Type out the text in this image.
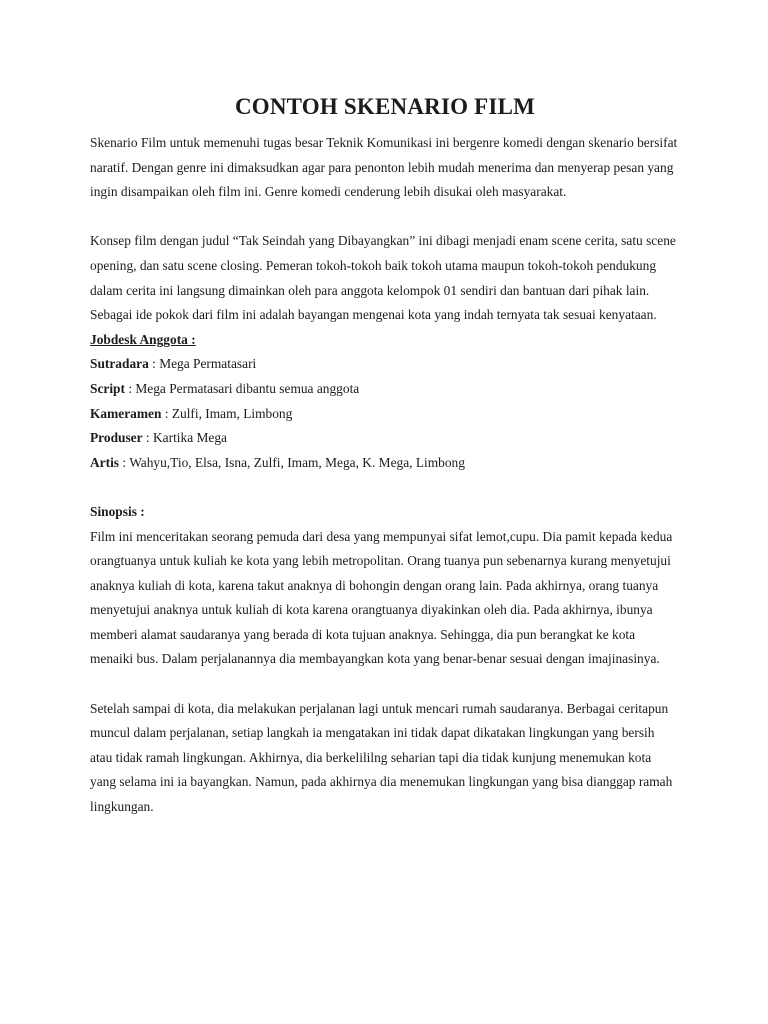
CONTOH SKENARIO FILM

Skenario Film untuk memenuhi tugas besar Teknik Komunikasi ini bergenre komedi dengan skenario bersifat naratif. Dengan genre ini dimaksudkan agar para penonton lebih mudah menerima dan menyerap pesan yang ingin disampaikan oleh film ini. Genre komedi cenderung lebih disukai oleh masyarakat.

Konsep film dengan judul “Tak Seindah yang Dibayangkan” ini dibagi menjadi enam scene cerita, satu scene opening, dan satu scene closing. Pemeran tokoh-tokoh baik tokoh utama maupun tokoh-tokoh pendukung dalam cerita ini langsung dimainkan oleh para anggota kelompok 01 sendiri dan bantuan dari pihak lain. Sebagai ide pokok dari film ini adalah bayangan mengenai kota yang indah ternyata tak sesuai kenyataan.

Jobdesk Anggota :

Sutradara : Mega Permatasari

Script : Mega Permatasari dibantu semua anggota

Kameramen : Zulfi, Imam, Limbong

Produser : Kartika Mega

Artis : Wahyu,Tio, Elsa, Isna, Zulfi, Imam, Mega, K. Mega, Limbong

Sinopsis :

Film ini menceritakan seorang pemuda dari desa yang mempunyai sifat lemot,cupu. Dia pamit kepada kedua orangtuanya untuk kuliah ke kota yang lebih metropolitan. Orang tuanya pun sebenarnya kurang menyetujui anaknya kuliah di kota, karena takut anaknya di bohongin dengan orang lain. Pada akhirnya, orang tuanya menyetujui anaknya untuk kuliah di kota karena orangtuanya diyakinkan oleh dia. Pada akhirnya, ibunya memberi alamat saudaranya yang berada di kota tujuan anaknya. Sehingga, dia pun berangkat ke kota menaiki bus. Dalam perjalanannya dia membayangkan kota yang benar-benar sesuai dengan imajinasinya.

Setelah sampai di kota, dia melakukan perjalanan lagi untuk mencari rumah saudaranya. Berbagai ceritapun muncul dalam perjalanan, setiap langkah ia mengatakan ini tidak dapat dikatakan lingkungan yang bersih atau tidak ramah lingkungan. Akhirnya, dia berkelililng seharian tapi dia tidak kunjung menemukan kota yang selama ini ia bayangkan. Namun, pada akhirnya dia menemukan lingkungan yang bisa dianggap ramah lingkungan.
